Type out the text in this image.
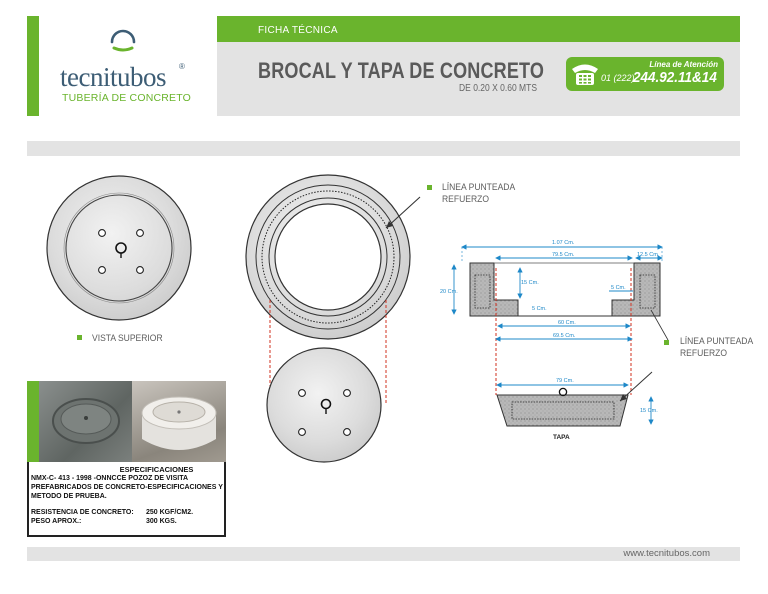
tecnitubos ®
TUBERÍA DE CONCRETO
FICHA TÉCNICA
BROCAL Y TAPA DE CONCRETO
DE 0.20 X 0.60 MTS
Línea de Atención
01 (222)
244.92.11&14
1.07 Cm.
79.5 Cm.	12.5 Cm.
20 Cm.
15 Cm.
5 Cm.
5 Cm.
60 Cm.
69.5 Cm.
79 Cm.
15 Cm.
TAPA
VISTA SUPERIOR
LÍNEA PUNTEADA
REFUERZO
LÍNEA PUNTEADA
REFUERZO
ESPECIFICACIONES
NMX-C- 413 - 1998 -ONNCCE POZOZ DE VISITA PREFABRICADOS DE CONCRETO-ESPECIFICACIONES Y METODO DE PRUEBA.
RESISTENCIA DE CONCRETO:	250 KGF/CM2.
PESO APROX.:	300 KGS.
www.tecnitubos.com
